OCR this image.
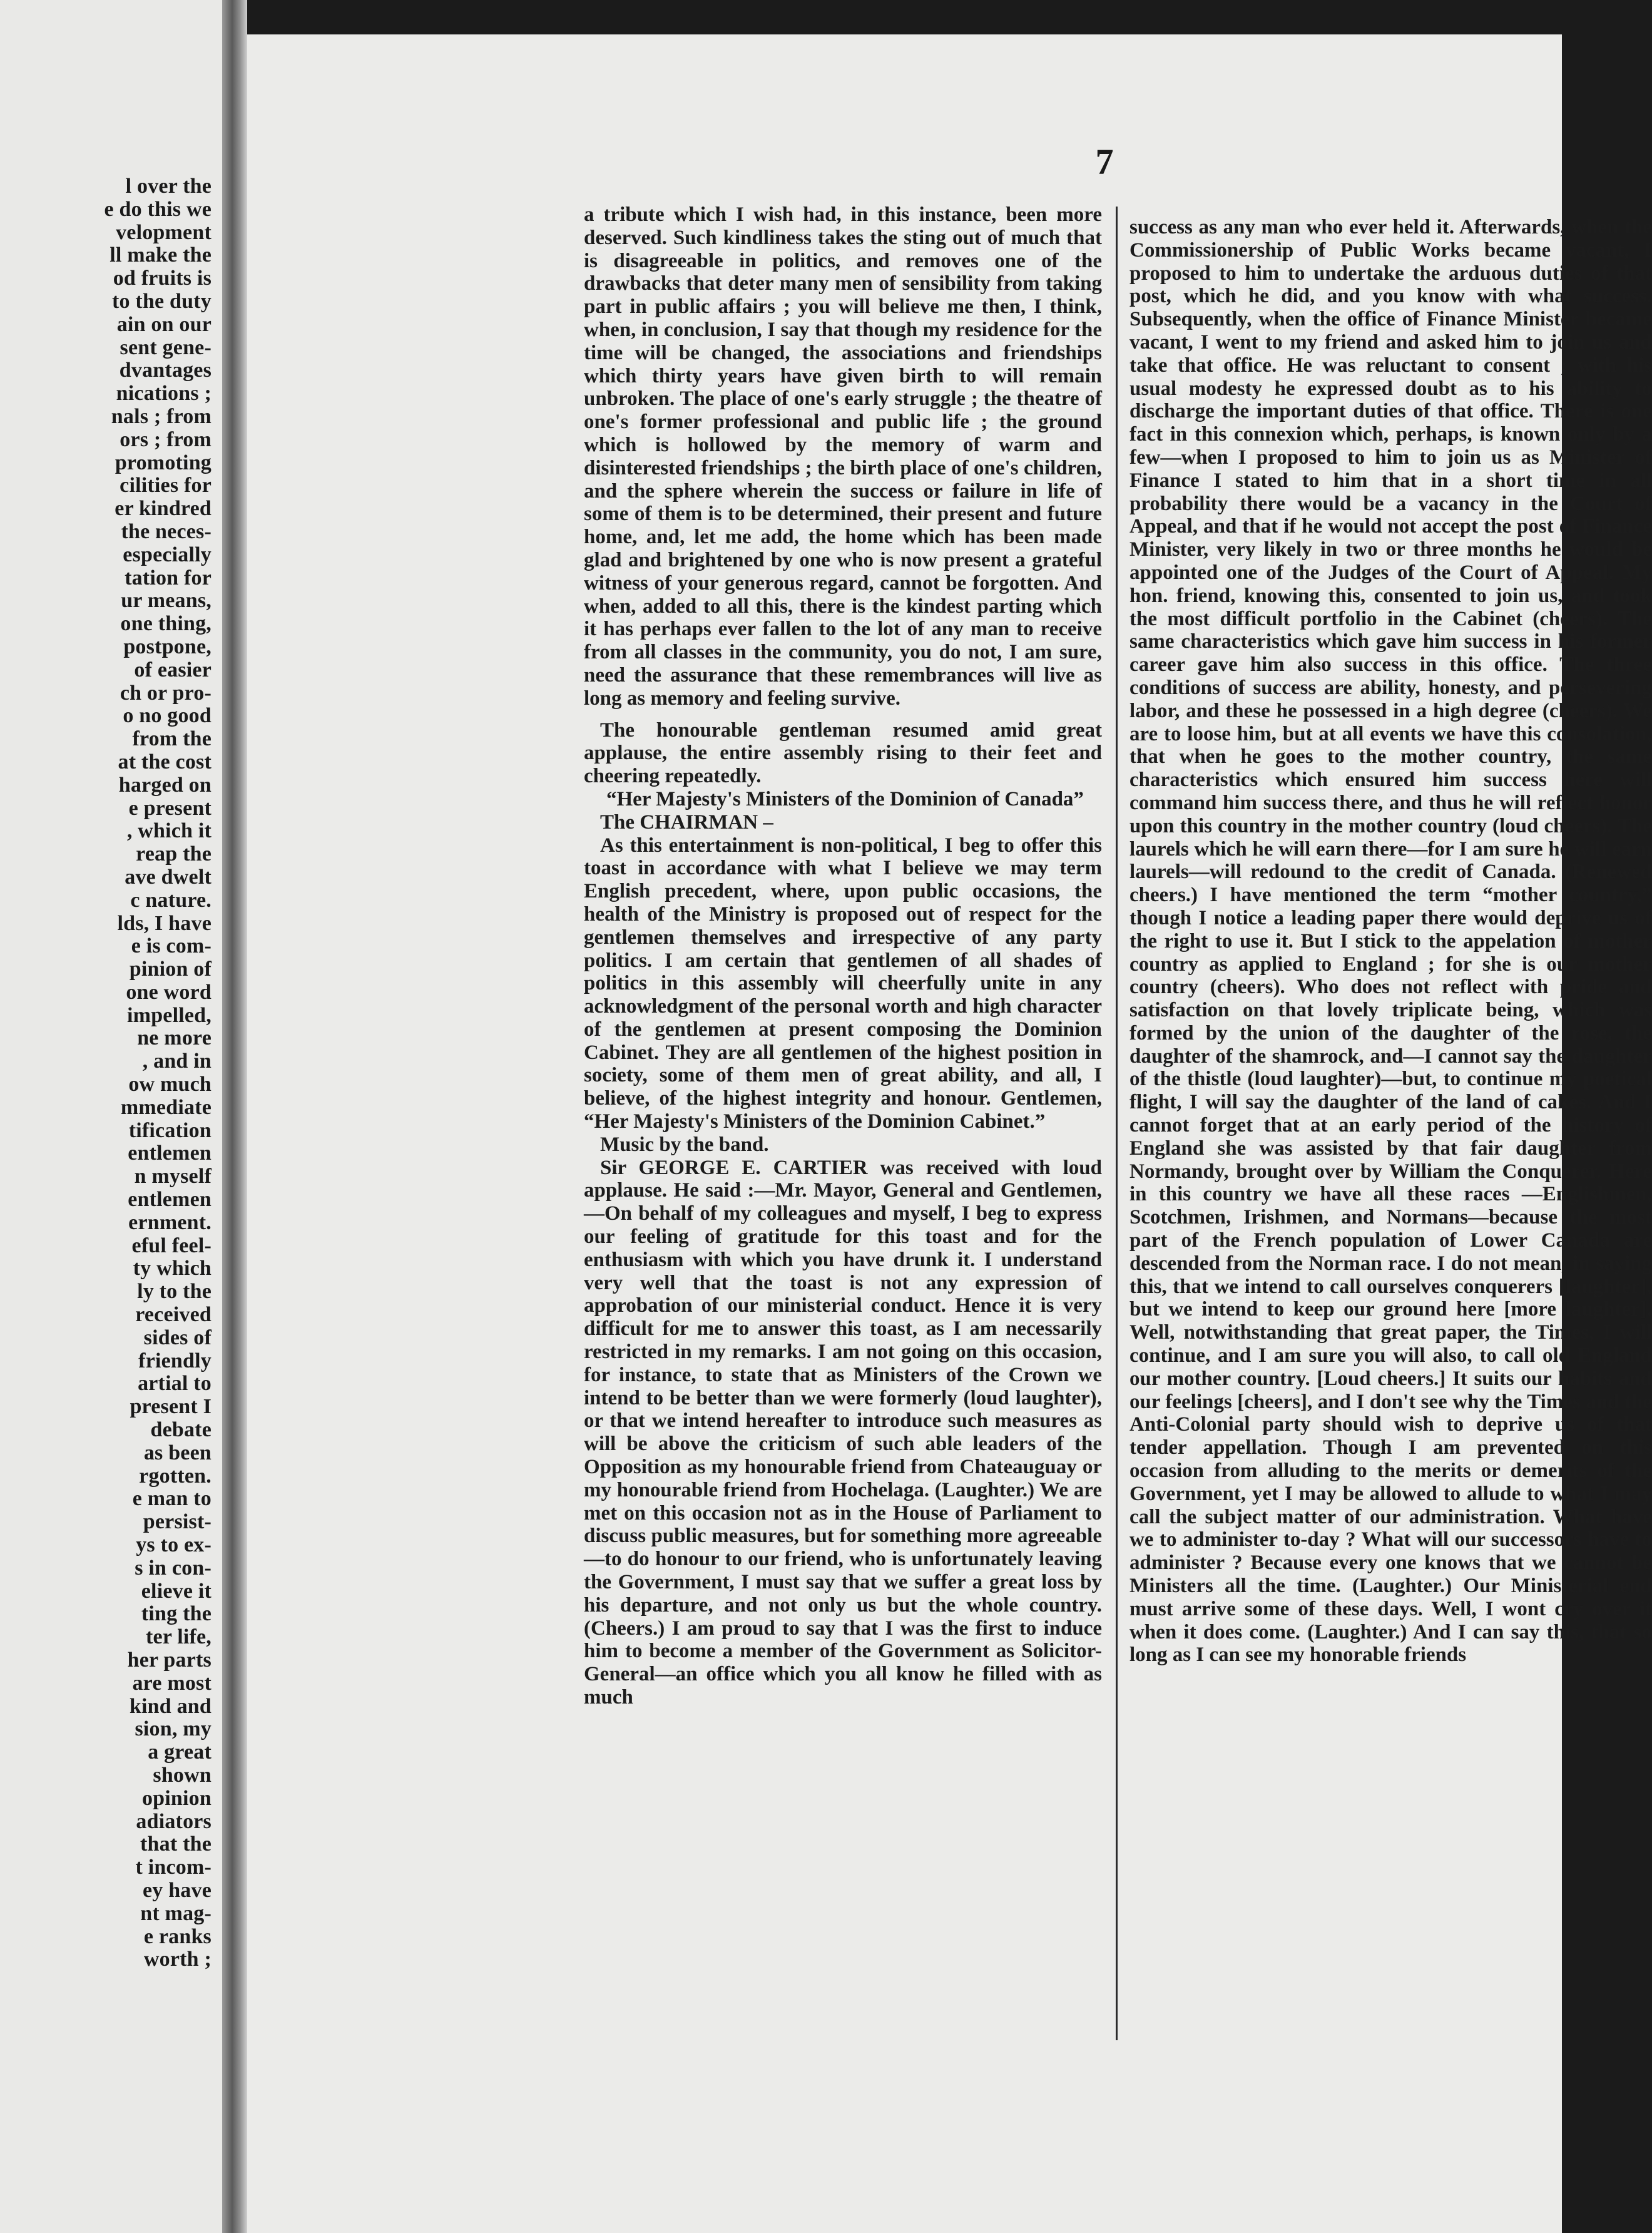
l over the
e do this we
velopment
ll make the
od fruits is
to the duty
ain on our
sent gene-
dvantages
nications ;
nals ; from
ors ; from
promoting
cilities for
er kindred
the neces-
especially
tation for
ur means,
one thing,
postpone,
of easier
ch or pro-
o no good
from the
at the cost
harged on
e present
, which it
reap the
ave dwelt
c nature.
lds, I have
e is com-
pinion of
one word
impelled,
ne more
, and in
ow much
mmediate
tification
entlemen
n myself
entlemen
ernment.
eful feel-
ty which
ly to the
received
sides of
friendly
artial to
present I
debate
as been
rgotten.
e man to
persist-
ys to ex-
s in con-
elieve it
ting the
ter life,
her parts
are most
kind and
sion, my
a great
shown
opinion
adiators
that the
t incom-
ey have
nt mag-
e ranks
worth ;
7

a tribute which I wish had, in this instance, been more deserved. Such kindliness takes the sting out of much that is disagreeable in politics, and removes one of the drawbacks that deter many men of sensibility from taking part in public affairs ; you will believe me then, I think, when, in conclusion, I say that though my residence for the time will be changed, the associations and friendships which thirty years have given birth to will remain unbroken. The place of one's early struggle ; the theatre of one's former professional and public life ; the ground which is hollowed by the memory of warm and disinterested friendships ; the birth place of one's children, and the sphere wherein the success or failure in life of some of them is to be determined, their present and future home, and, let me add, the home which has been made glad and brightened by one who is now present a grateful witness of your generous regard, cannot be forgotten. And when, added to all this, there is the kindest parting which it has perhaps ever fallen to the lot of any man to receive from all classes in the community, you do not, I am sure, need the assurance that these remembrances will live as long as memory and feeling survive.

The honourable gentleman resumed amid great applause, the entire assembly rising to their feet and cheering repeatedly.

“Her Majesty's Ministers of the Dominion of Canada”

The CHAIRMAN –

As this entertainment is non-political, I beg to offer this toast in accordance with what I believe we may term English precedent, where, upon public occasions, the health of the Ministry is proposed out of respect for the gentlemen themselves and irrespective of any party politics. I am certain that gentlemen of all shades of politics in this assembly will cheerfully unite in any acknowledgment of the personal worth and high character of the gentlemen at present composing the Dominion Cabinet. They are all gentlemen of the highest position in society, some of them men of great ability, and all, I believe, of the highest integrity and honour. Gentlemen, “Her Majesty's Ministers of the Dominion Cabinet.”

Music by the band.

Sir GEORGE E. CARTIER was received with loud applause. He said :—Mr. Mayor, General and Gentlemen,—On behalf of my colleagues and myself, I beg to express our feeling of gratitude for this toast and for the enthusiasm with which you have drunk it. I understand very well that the toast is not any expression of approbation of our ministerial conduct. Hence it is very difficult for me to answer this toast, as I am necessarily restricted in my remarks. I am not going on this occasion, for instance, to state that as Ministers of the Crown we intend to be better than we were formerly (loud laughter), or that we intend hereafter to introduce such measures as will be above the criticism of such able leaders of the Opposition as my honourable friend from Chateauguay or my honourable friend from Hochelaga. (Laughter.) We are met on this occasion not as in the House of Parliament to discuss public measures, but for something more agreeable—to do honour to our friend, who is unfortunately leaving the Government, I must say that we suffer a great loss by his departure, and not only us but the whole country. (Cheers.) I am proud to say that I was the first to induce him to become a member of the Government as Solicitor-General—an office which you all know he filled with as much

success as any man who ever held it. Afterwards, when the Commissionership of Public Works became vacant, I proposed to him to undertake the arduous duties of that post, which he did, and you know with what success. Subsequently, when the office of Finance Minister became vacant, I went to my friend and asked him to join us and take that office. He was reluctant to consent ; with his usual modesty he expressed doubt as to his ability to discharge the important duties of that office. There is one fact in this connexion which, perhaps, is known only by a few—when I proposed to him to join us as Minister of Finance I stated to him that in a short time in all probability there would be a vacancy in the Court of Appeal, and that if he would not accept the post of Finance Minister, very likely in two or three months he would be appointed one of the Judges of the Court of Appeal. My hon. friend, knowing this, consented to join us, and took the most difficult portfolio in the Cabinet (cheers). The same characteristics which gave him success in his former career gave him also success in this office. The three conditions of success are ability, honesty, and persevering labor, and these he possessed in a high degree (cheers). We are to loose him, but at all events we have this consolation, that when he goes to the mother country, the same characteristics which ensured him success here will command him success there, and thus he will reflect honor upon this country in the mother country (loud cheers). The laurels which he will earn there—for I am sure he will earn laurels—will redound to the credit of Canada. (Renewed cheers.) I have mentioned the term “mother country,” though I notice a leading paper there would deprive us of the right to use it. But I stick to the appelation of mother country as applied to England ; for she is our mother country (cheers). Who does not reflect with pride and satisfaction on that lovely triplicate being, which was formed by the union of the daughter of the rose, the daughter of the shamrock, and—I cannot say the daughter of the thistle (loud laughter)—but, to continue my poetical flight, I will say the daughter of the land of cakes. And I cannot forget that at an early period of the history of England she was assisted by that fair daughter from Normandy, brought over by William the Conquerer. Here in this country we have all these races —Englishmen, Scotchmen, Irishmen, and Normans—because the most part of the French population of Lower Canada are descended from the Norman race. I do not mean, in saying this, that we intend to call ourselves conquerers [laughter], but we intend to keep our ground here [more laughter]. Well, notwithstanding that great paper, the Times, I will continue, and I am sure you will also, to call old England our mother country. [Loud cheers.] It suits our habits and our feelings [cheers], and I don't see why the Times and the Anti-Colonial party should wish to deprive us of that tender appellation. Though I am prevented on this occasion from alluding to the merits or demerits of the Government, yet I may be allowed to allude to what I may call the subject matter of our administration. What have we to administer to-day ? What will our successors have to administer ? Because every one knows that we cannot be Ministers all the time. (Laughter.) Our Ministerial end must arrive some of these days. Well, I wont cry over it when it does come. (Laughter.) And I can say this, that so long as I can see my honorable friends
